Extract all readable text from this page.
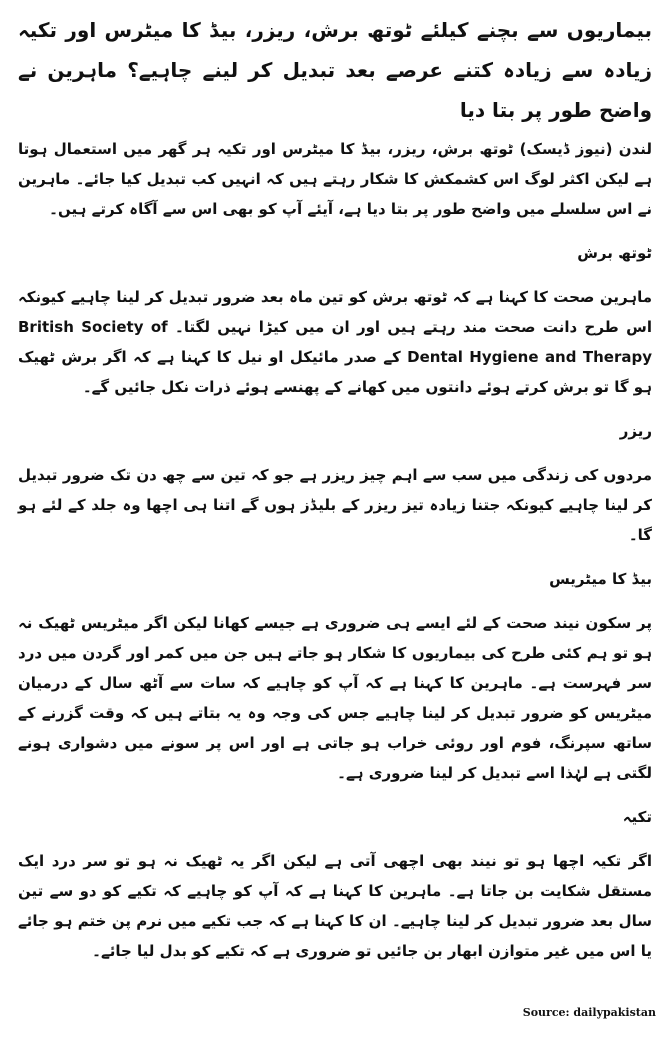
بیماریوں سے بچنے کیلئے ٹوتھ برش، ریزر، بیڈ کا میٹرس اور تکیہ زیادہ سے زیادہ کتنے عرصے بعد تبدیل کر لینے چاہیے؟ ماہرین نے واضح طور پر بتا دیا

لندن (نیوز ڈیسک) ٹوتھ برش، ریزر، بیڈ کا میٹرس اور تکیہ ہر گھر میں استعمال ہوتا ہے لیکن اکثر لوگ اس کشمکش کا شکار رہتے ہیں کہ انہیں کب تبدیل کیا جائے۔ ماہرین نے اس سلسلے میں واضح طور پر بتا دیا ہے، آیئے آپ کو بھی اس سے آگاہ کرتے ہیں۔

ٹوتھ برش

ماہرین صحت کا کہنا ہے کہ ٹوتھ برش کو تین ماہ بعد ضرور تبدیل کر لینا چاہیے کیونکہ اس طرح دانت صحت مند رہتے ہیں اور ان میں کیڑا نہیں لگتا۔ British Society of Dental Hygiene and Therapy کے صدر مائیکل او نیل کا کہنا ہے کہ اگر برش ٹھیک ہو گا تو برش کرتے ہوئے دانتوں میں کھانے کے پھنسے ہوئے ذرات نکل جائیں گے۔

ریزر

مردوں کی زندگی میں سب سے اہم چیز ریزر ہے جو کہ تین سے چھ دن تک ضرور تبدیل کر لینا چاہیے کیونکہ جتنا زیادہ تیز ریزر کے بلیڈز ہوں گے اتنا ہی اچھا وہ جلد کے لئے ہو گا۔

بیڈ کا میٹریس

پر سکون نیند صحت کے لئے ایسے ہی ضروری ہے جیسے کھانا لیکن اگر میٹریس ٹھیک نہ ہو تو ہم کئی طرح کی بیماریوں کا شکار ہو جاتے ہیں جن میں کمر اور گردن میں درد سر فہرست ہے۔ ماہرین کا کہنا ہے کہ آپ کو چاہیے کہ سات سے آٹھ سال کے درمیان میٹریس کو ضرور تبدیل کر لینا چاہیے جس کی وجہ وہ یہ بتاتے ہیں کہ وقت گزرنے کے ساتھ سپرنگ، فوم اور روئی خراب ہو جاتی ہے اور اس پر سونے میں دشواری ہونے لگتی ہے لہٰذا اسے تبدیل کر لینا ضروری ہے۔

تکیہ

اگر تکیہ اچھا ہو تو نیند بھی اچھی آتی ہے لیکن اگر یہ ٹھیک نہ ہو تو سر درد ایک مستقل شکایت بن جاتا ہے۔ ماہرین کا کہنا ہے کہ آپ کو چاہیے کہ تکیے کو دو سے تین سال بعد ضرور تبدیل کر لینا چاہیے۔ ان کا کہنا ہے کہ جب تکیے میں نرم پن ختم ہو جائے یا اس میں غیر متوازن ابھار بن جائیں تو ضروری ہے کہ تکیے کو بدل لیا جائے۔

Source: dailypakistan
